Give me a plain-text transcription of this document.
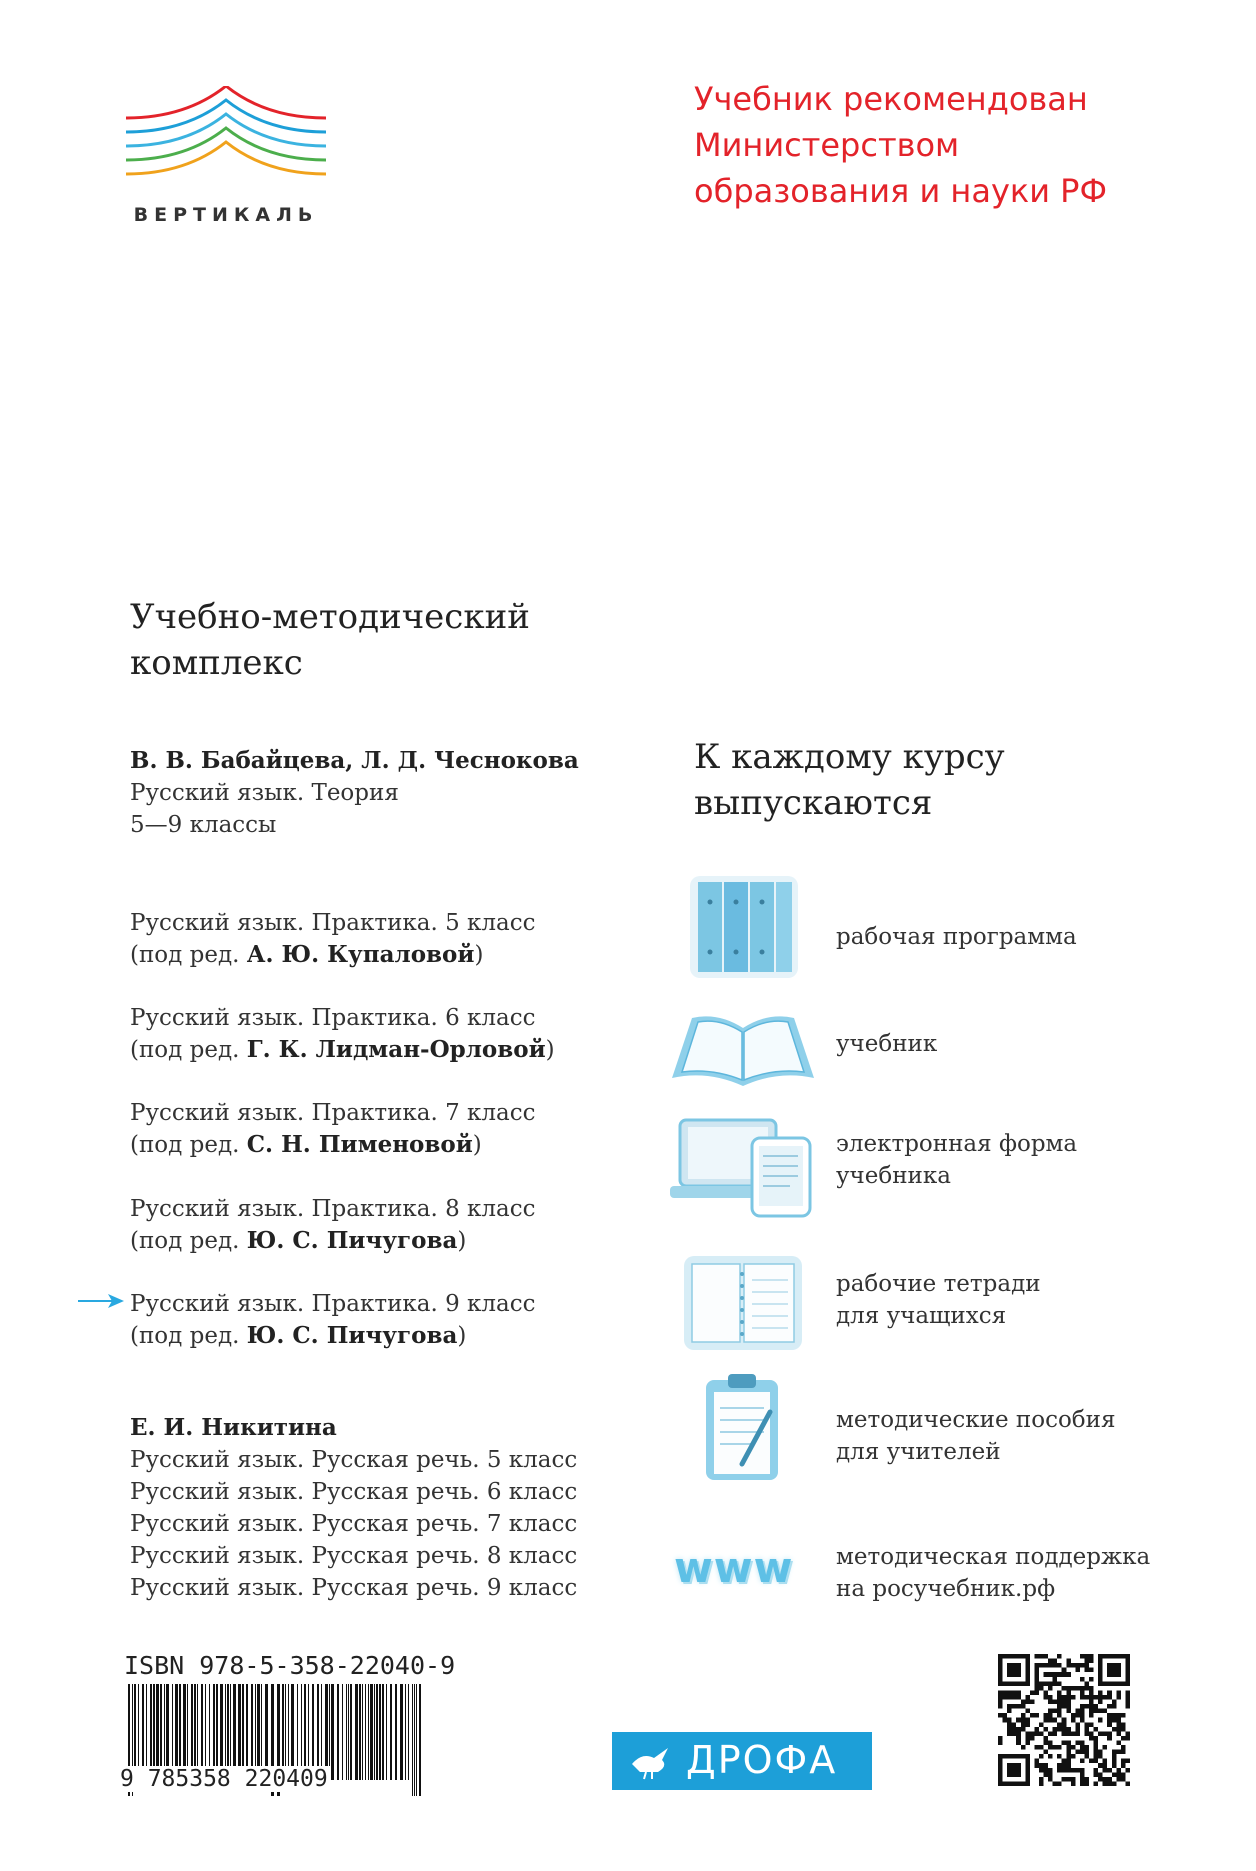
ВЕРТИКАЛЬ
Учебник рекомендован
Министерством
образования и науки РФ
Учебно-методический
комплекс
В. В. Бабайцева, Л. Д. Чеснокова
Русский язык. Теория
5—9 классы
Русский язык. Практика. 5 класс
(под ред. А. Ю. Купаловой)
Русский язык. Практика. 6 класс
(под ред. Г. К. Лидман-Орловой)
Русский язык. Практика. 7 класс
(под ред. С. Н. Пименовой)
Русский язык. Практика. 8 класс
(под ред. Ю. С. Пичугова)
Русский язык. Практика. 9 класс
(под ред. Ю. С. Пичугова)
Е. И. Никитина
Русский язык. Русская речь. 5 класс
Русский язык. Русская речь. 6 класс
Русский язык. Русская речь. 7 класс
Русский язык. Русская речь. 8 класс
Русский язык. Русская речь. 9 класс
К каждому курсу
выпускаются
рабочая программа
учебник
электронная форма
учебника
рабочие тетради
для учащихся
методические пособия
для учителей
www	методическая поддержка
на росучебник.рф
ISBN 978-5-358-22040-9
9 785358 220409	ДРОФА
